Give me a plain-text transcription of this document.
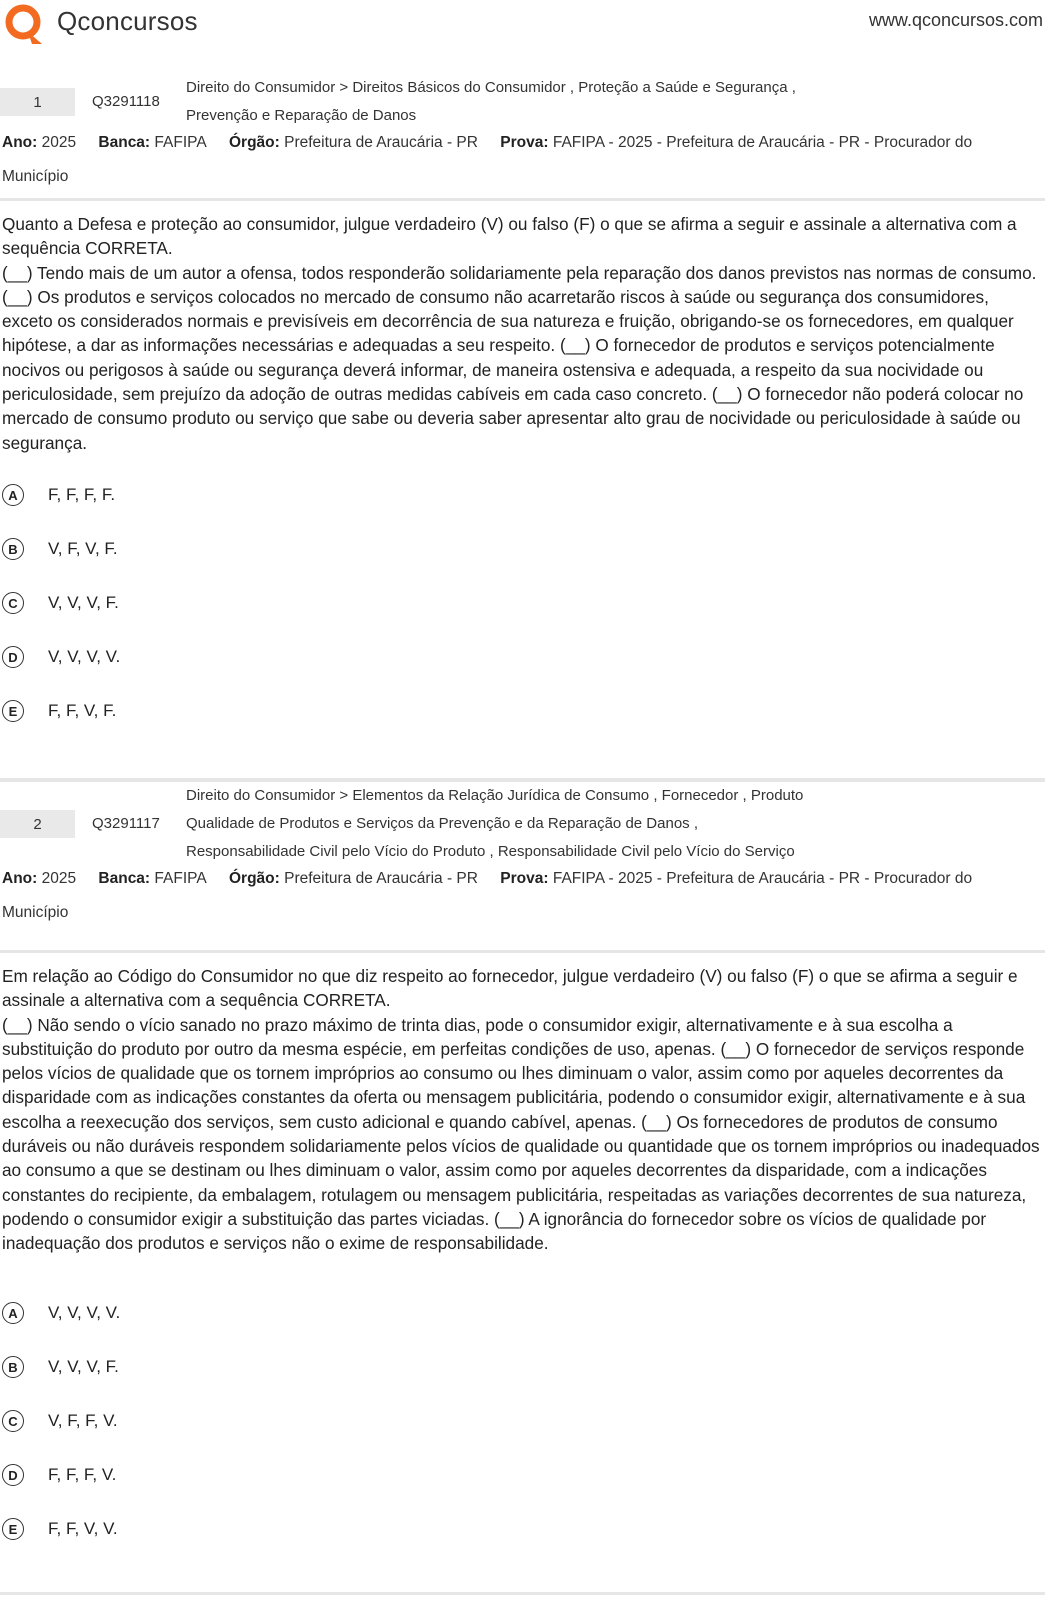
Qconcursos	www.qconcursos.com
Direito do Consumidor > Direitos Básicos do Consumidor , Proteção a Saúde e Segurança ,
Prevenção e Reparação de Danos
1	Q3291118
Ano: 2025 Banca: FAFIPA Órgão: Prefeitura de Araucária - PR Prova: FAFIPA - 2025 - Prefeitura de Araucária - PR - Procurador do Município

Quanto a Defesa e proteção ao consumidor, julgue verdadeiro (V) ou falso (F) o que se afirma a seguir e assinale a alternativa com a sequência CORRETA.

(__) Tendo mais de um autor a ofensa, todos responderão solidariamente pela reparação dos danos previstos nas normas de consumo. (__) Os produtos e serviços colocados no mercado de consumo não acarretarão riscos à saúde ou segurança dos consumidores, exceto os considerados normais e previsíveis em decorrência de sua natureza e fruição, obrigando-se os fornecedores, em qualquer hipótese, a dar as informações necessárias e adequadas a seu respeito. (__) O fornecedor de produtos e serviços potencialmente nocivos ou perigosos à saúde ou segurança deverá informar, de maneira ostensiva e adequada, a respeito da sua nocividade ou periculosidade, sem prejuízo da adoção de outras medidas cabíveis em cada caso concreto. (__) O fornecedor não poderá colocar no mercado de consumo produto ou serviço que sabe ou deveria saber apresentar alto grau de nocividade ou periculosidade à saúde ou segurança.

A	F, F, F, F.
B	V, F, V, F.
C	V, V, V, F.
D	V, V, V, V.
E	F, F, V, F.
Direito do Consumidor > Elementos da Relação Jurídica de Consumo , Fornecedor , Produto
Qualidade de Produtos e Serviços da Prevenção e da Reparação de Danos ,
Responsabilidade Civil pelo Vício do Produto , Responsabilidade Civil pelo Vício do Serviço
2	Q3291117
Ano: 2025 Banca: FAFIPA Órgão: Prefeitura de Araucária - PR Prova: FAFIPA - 2025 - Prefeitura de Araucária - PR - Procurador do Município

Em relação ao Código do Consumidor no que diz respeito ao fornecedor, julgue verdadeiro (V) ou falso (F) o que se afirma a seguir e assinale a alternativa com a sequência CORRETA.

(__) Não sendo o vício sanado no prazo máximo de trinta dias, pode o consumidor exigir, alternativamente e à sua escolha a substituição do produto por outro da mesma espécie, em perfeitas condições de uso, apenas. (__) O fornecedor de serviços responde pelos vícios de qualidade que os tornem impróprios ao consumo ou lhes diminuam o valor, assim como por aqueles decorrentes da disparidade com as indicações constantes da oferta ou mensagem publicitária, podendo o consumidor exigir, alternativamente e à sua escolha a reexecução dos serviços, sem custo adicional e quando cabível, apenas. (__) Os fornecedores de produtos de consumo duráveis ou não duráveis respondem solidariamente pelos vícios de qualidade ou quantidade que os tornem impróprios ou inadequados ao consumo a que se destinam ou lhes diminuam o valor, assim como por aqueles decorrentes da disparidade, com a indicações constantes do recipiente, da embalagem, rotulagem ou mensagem publicitária, respeitadas as variações decorrentes de sua natureza, podendo o consumidor exigir a substituição das partes viciadas. (__) A ignorância do fornecedor sobre os vícios de qualidade por inadequação dos produtos e serviços não o exime de responsabilidade.

A	V, V, V, V.
B	V, V, V, F.
C	V, F, F, V.
D	F, F, F, V.
E	F, F, V, V.
